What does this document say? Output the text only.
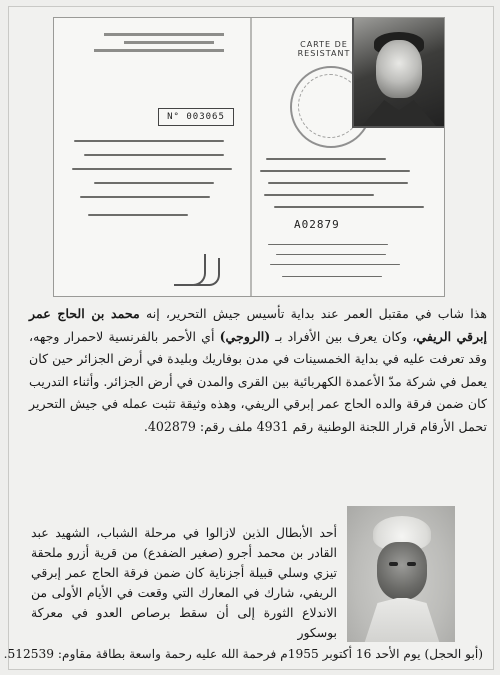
N° 003065
CARTE DE RESISTANT
A02879
هذا شاب في مقتبل العمر عند بداية تأسيس جيش التحرير، إنه محمد بن الحاج عمر إبرقي الريفي، وكان يعرف بين الأفراد بـ (الروجي) أي الأحمر بالفرنسية لاحمرار وجهه، وقد تعرفت عليه في بداية الخمسينات في مدن بوفاريك وبليدة في أرض الجزائر حين كان يعمل في شركة مدّ الأعمدة الكهربائية بين القرى والمدن في أرض الجزائر. وأثناء التدريب كان ضمن فرقة والده الحاج عمر إبرقي الريفي، وهذه وثيقة تثبت عمله في جيش التحرير تحمل الأرقام قرار اللجنة الوطنية رقم 4931 ملف رقم: 402879.
أحد الأبطال الذين لازالوا في مرحلة الشباب، الشهيد عبد القادر بن محمد أجرو (صغير الضفدع) من قرية أزرو ملحقة تيزي وسلي قبيلة أجزناية كان ضمن فرقة الحاج عمر إبرقي الريفي، شارك في المعارك التي وقعت في الأيام الأولى من الاندلاع الثورة إلى أن سقط برصاص العدو في معركة بوسكور
(أبو الحجل) يوم الأحد 16 أكتوبر 1955م فرحمة الله عليه رحمة واسعة بطاقة مقاوم: 512539.
